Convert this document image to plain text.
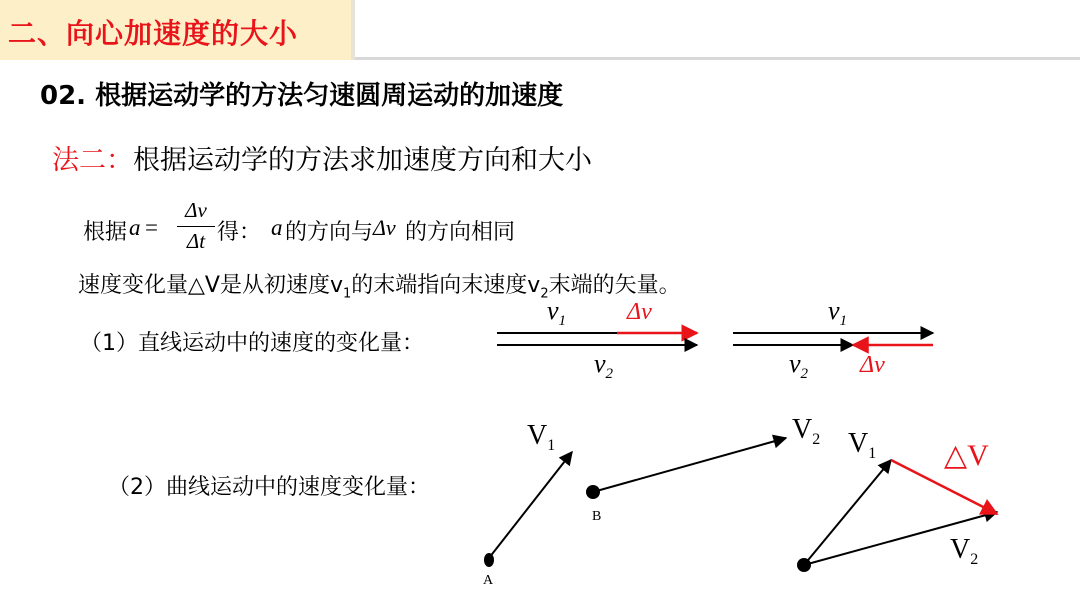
二、向心加速度的大小
02. 根据运动学的方法匀速圆周运动的加速度
法二：根据运动学的方法求加速度方向和大小
根据 a =
Δv
Δt 得： a 的方向与 Δv 的方向相同
速度变化量△V是从初速度$v_1$的末端指向末速度$v_2$末端的矢量。
（1）直线运动中的速度的变化量：
（2）曲线运动中的速度变化量：
$v_1$	Δv
$v_2$
$v_1$
$v_2$ Δv
$V_1$
A
$V_2$
B
$V_1$ △V
$V_2$
